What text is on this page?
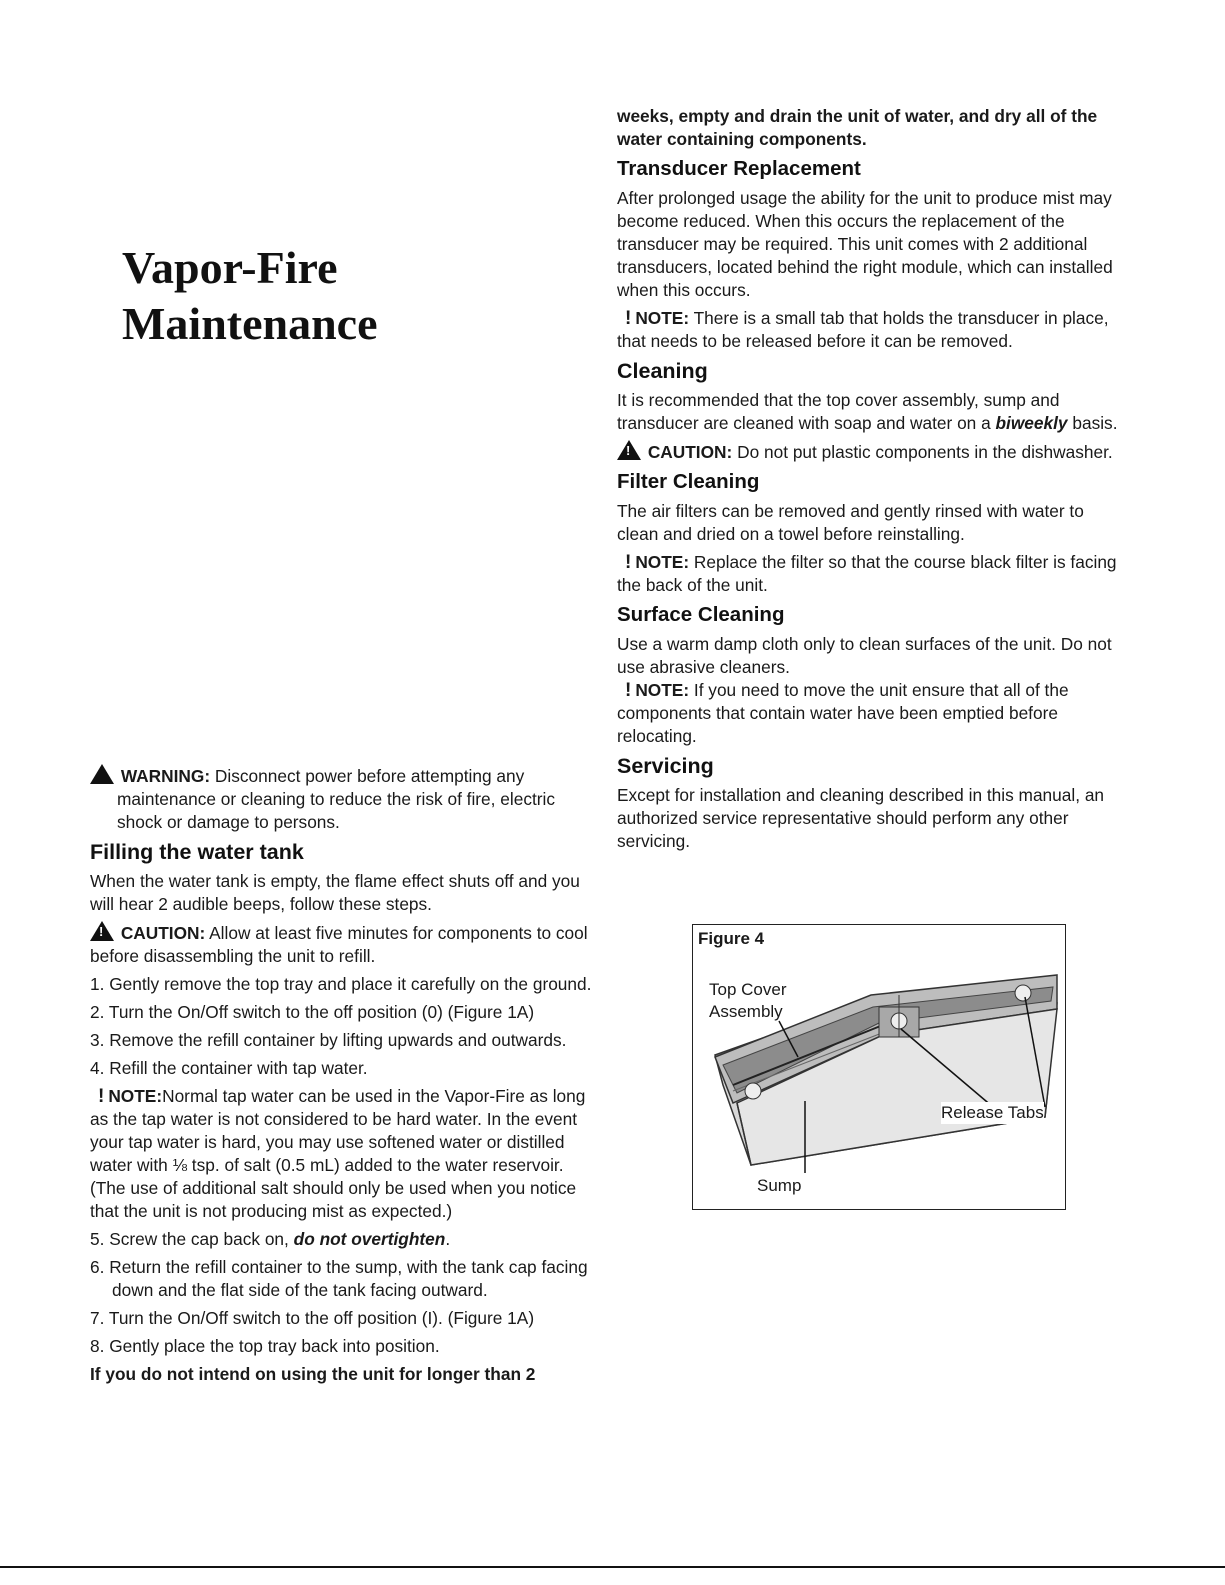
Vapor-Fire
Maintenance

!	WARNING: Disconnect power before attempting any maintenance or cleaning to reduce the risk of fire, electric shock or damage to persons.

Filling the water tank

When the water tank is empty, the flame effect shuts off and you will hear 2 audible beeps, follow these steps.

! CAUTION: Allow at least five minutes for components to cool before disassembling the unit to refill.

1. Gently remove the top tray and place it carefully on the ground.
2. Turn the On/Off switch to the off position (0) (Figure 1A)
3. Remove the refill container by lifting upwards and outwards.
4. Refill the container with tap water.

! NOTE:Normal tap water can be used in the Vapor-Fire as long as the tap water is not considered to be hard water. In the event your tap water is hard, you may use softened water or distilled water with ⅛ tsp. of salt (0.5 mL) added to the water reservoir. (The use of additional salt should only be used when you notice that the unit is not producing mist as expected.)

5. Screw the cap back on, do not overtighten.
6. Return the refill container to the sump, with the tank cap facing down and the flat side of the tank facing outward.
7. Turn the On/Off switch to the off position (I). (Figure 1A)
8. Gently place the top tray back into position.

If you do not intend on using the unit for longer than 2

weeks, empty and drain the unit of water, and dry all of the water containing components.

Transducer Replacement

After prolonged usage the ability for the unit to produce mist may become reduced. When this occurs the replacement of the transducer may be required. This unit comes with 2 additional transducers, located behind the right module, which can installed when this occurs.

! NOTE: There is a small tab that holds the transducer in place, that needs to be released before it can be removed.

Cleaning

It is recommended that the top cover assembly, sump and transducer are cleaned with soap and water on a biweekly basis.

! CAUTION: Do not put plastic components in the dishwasher.

Filter Cleaning

The air filters can be removed and gently rinsed with water to clean and dried on a towel before reinstalling.

! NOTE: Replace the filter so that the course black filter is facing the back of the unit.

Surface Cleaning

Use a warm damp cloth only to clean surfaces of the unit. Do not use abrasive cleaners.

! NOTE: If you need to move the unit ensure that all of the components that contain water have been emptied before relocating.

Servicing

Except for installation and cleaning described in this manual, an authorized service representative should perform any other servicing.

Figure 4
Top Cover
Assembly
Release Tabs
Sump
